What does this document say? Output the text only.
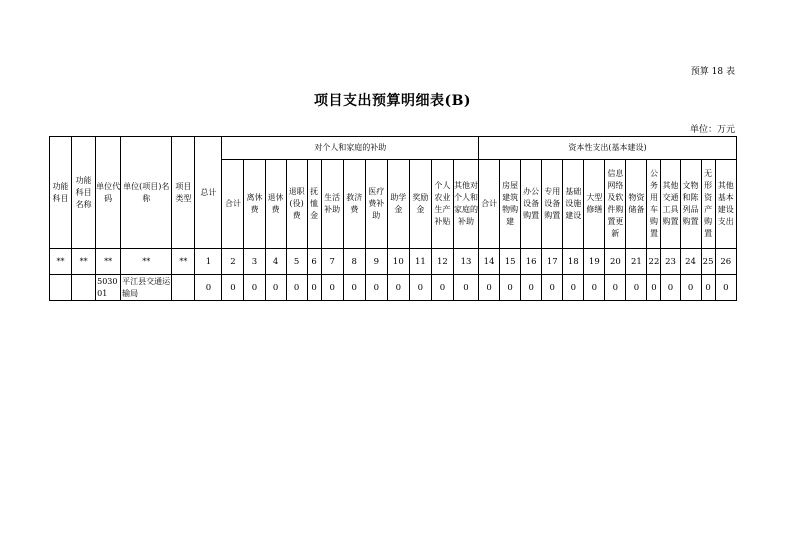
预算 18 表
项目支出预算明细表(B)
单位：万元
功能科目	功能科目名称	单位代码	单位(项目)名称	项目类型	总计	对个人和家庭的补助												资本性支出(基本建设)												
						合计	离休费	退休费	退职(役)费	抚恤金	生活补助	救济费	医疗费补助	助学金	奖励金	个人农业生产补贴	其他对个人和家庭的补助	合计	房屋建筑物购建	办公设备购置	专用设备购置	基础设施建设	大型修缮	信息网络及软件购置更新	物资储备	公务用车购置	其他交通工具购置	文物和陈列品购置	无形资产购置	其他基本建设支出
**	**	**	**	**	1	2	3	4	5	6	7	8	9	10	11	12	13	14	15	16	17	18	19	20	21	22	23	24	25	26
		503001	平江县交通运输局		0	0	0	0	0	0	0	0	0	0	0	0	0	0	0	0	0	0	0	0	0	0	0	0	0	0
